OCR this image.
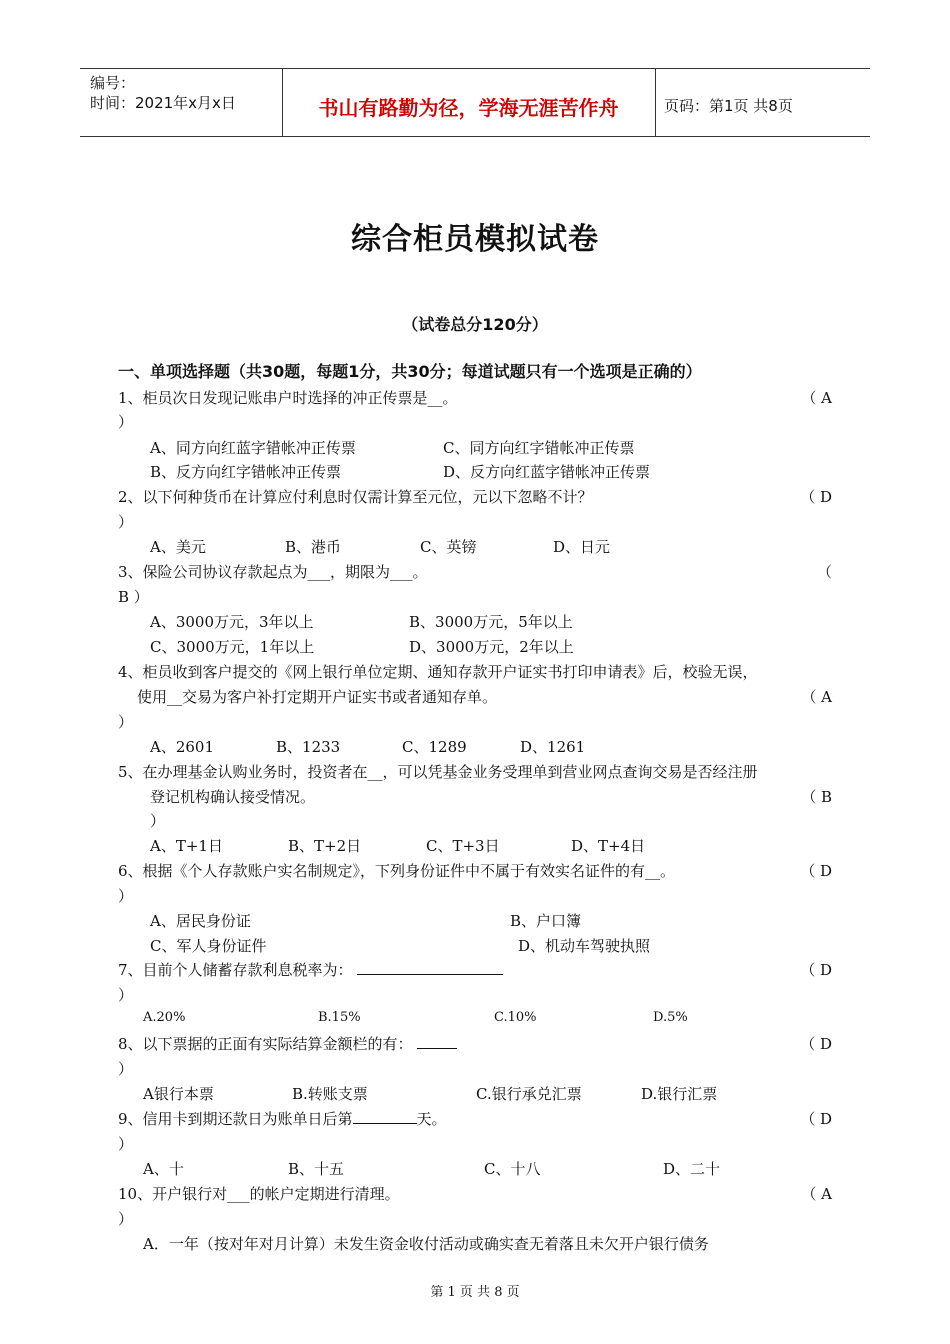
编号：
时间：2021年x月x日	书山有路勤为径，学海无涯苦作舟	页码：第1页 共8页
综合柜员模拟试卷
（试卷总分120分）
一、单项选择题（共30题，每题1分，共30分；每道试题只有一个选项是正确的）
1、柜员次日发现记账串户时选择的冲正传票是__。	（ A
）
A、同方向红蓝字错帐冲正传票	C、同方向红字错帐冲正传票
B、反方向红字错帐冲正传票	D、反方向红蓝字错帐冲正传票
2、以下何种货币在计算应付利息时仅需计算至元位，元以下忽略不计？	（ D
）
A、美元	B、港币	C、英镑	D、日元
3、保险公司协议存款起点为___，期限为___。	（
B ）
A、3000万元，3年以上	B、3000万元，5年以上
C、3000万元，1年以上	D、3000万元，2年以上
4、柜员收到客户提交的《网上银行单位定期、通知存款开户证实书打印申请表》后，校验无误，
使用__交易为客户补打定期开户证实书或者通知存单。	（ A
）
A、2601	B、1233	C、1289	D、1261
5、在办理基金认购业务时，投资者在__，可以凭基金业务受理单到营业网点查询交易是否经注册
登记机构确认接受情况。	（ B
）
A、T+1日	B、T+2日	C、T+3日	D、T+4日
6、根据《个人存款账户实名制规定》，下列身份证件中不属于有效实名证件的有__。	（ D
）
A、居民身份证	B、户口簿
C、军人身份证件	D、机动车驾驶执照
7、目前个人储蓄存款利息税率为：	（ D
）
A.20%	B.15%	C.10%	D.5%
8、以下票据的正面有实际结算金额栏的有：	（ D
）
A银行本票	B.转账支票	C.银行承兑汇票	D.银行汇票
9、信用卡到期还款日为账单日后第	天。	（ D
）
A、十	B、十五	C、十八	D、二十
10、开户银行对___的帐户定期进行清理。	（ A
）
A．一年（按对年对月计算）未发生资金收付活动或确实查无着落且未欠开户银行债务
第 1 页 共 8 页
